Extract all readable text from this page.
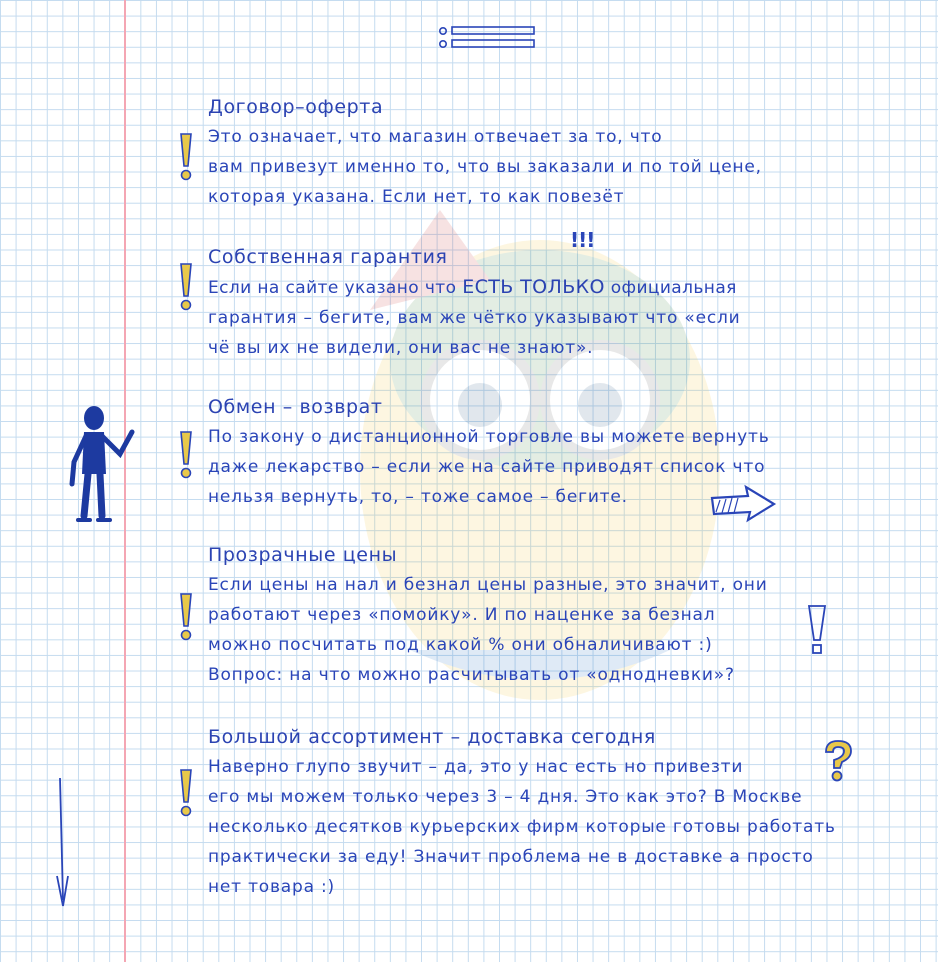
Договор–оферта
Это означает, что магазин отвечает за то, что
вам привезут именно то, что вы заказали и по той цене,
которая указана. Если нет, то как повезёт
Собственная гарантия
Если на сайте указано что ЕСТЬ ТОЛЬКО официальная
гарантия – бегите, вам же чётко указывают что «если
чё вы их не видели, они вас не знают».
!!!
Обмен – возврат
По закону о дистанционной торговле вы можете вернуть
даже лекарство – если же на сайте приводят список что
нельзя вернуть, то, – тоже самое – бегите.
Прозрачные цены
Если цены на нал и безнал цены разные, это значит, они
работают через «помойку». И по наценке за безнал
можно посчитать под какой % они обналичивают :)
Вопрос: на что можно расчитывать от «однодневки»?
Большой ассортимент – доставка сегодня
Наверно глупо звучит – да, это у нас есть но привезти
его мы можем только через 3 – 4 дня. Это как это? В Москве
несколько десятков курьерских фирм которые готовы работать
практически за еду! Значит проблема не в доставке а просто
нет товара :)
